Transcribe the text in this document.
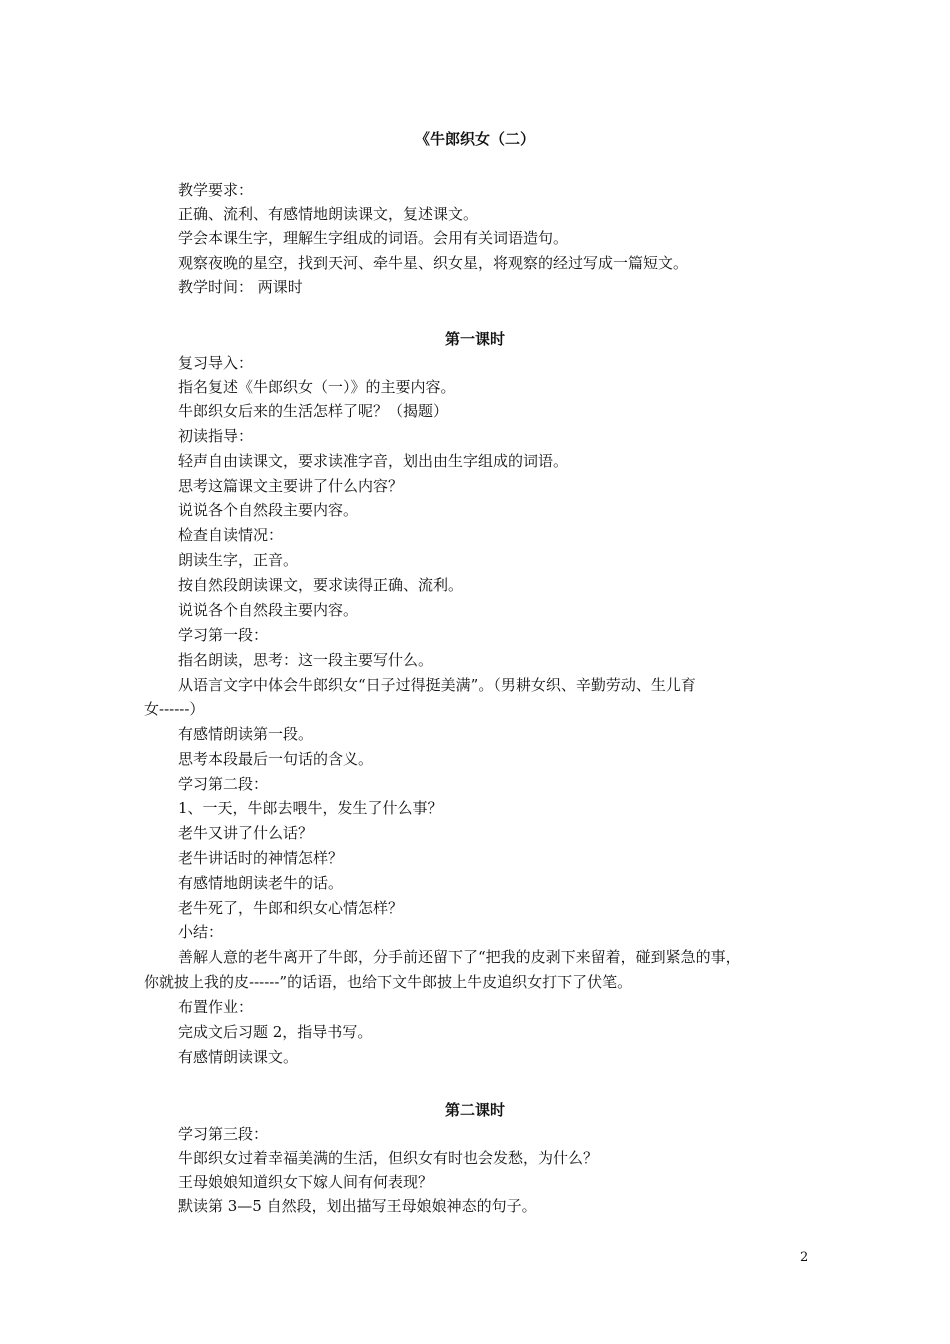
《牛郎织女（二）
教学要求：
正确、流利、有感情地朗读课文，复述课文。
学会本课生字，理解生字组成的词语。会用有关词语造句。
观察夜晚的星空，找到天河、牵牛星、织女星，将观察的经过写成一篇短文。
教学时间： 两课时
第一课时
复习导入：
指名复述《牛郎织女（一）》的主要内容。
牛郎织女后来的生活怎样了呢？（揭题）
初读指导：
轻声自由读课文，要求读准字音，划出由生字组成的词语。
思考这篇课文主要讲了什么内容？
说说各个自然段主要内容。
检查自读情况：
朗读生字，正音。
按自然段朗读课文，要求读得正确、流利。
说说各个自然段主要内容。
学习第一段：
指名朗读，思考：这一段主要写什么。
从语言文字中体会牛郎织女“日子过得挺美满”。（男耕女织、辛勤劳动、生儿育
女------）
有感情朗读第一段。
思考本段最后一句话的含义。
学习第二段：
1、一天，牛郎去喂牛，发生了什么事？
老牛又讲了什么话？
老牛讲话时的神情怎样？
有感情地朗读老牛的话。
老牛死了，牛郎和织女心情怎样？
小结：
善解人意的老牛离开了牛郎，分手前还留下了“把我的皮剥下来留着，碰到紧急的事，
你就披上我的皮------”的话语，也给下文牛郎披上牛皮追织女打下了伏笔。
布置作业：
完成文后习题 2，指导书写。
有感情朗读课文。
第二课时
学习第三段：
牛郎织女过着幸福美满的生活，但织女有时也会发愁，为什么？
王母娘娘知道织女下嫁人间有何表现？
默读第 3—5 自然段，划出描写王母娘娘神态的句子。
2
